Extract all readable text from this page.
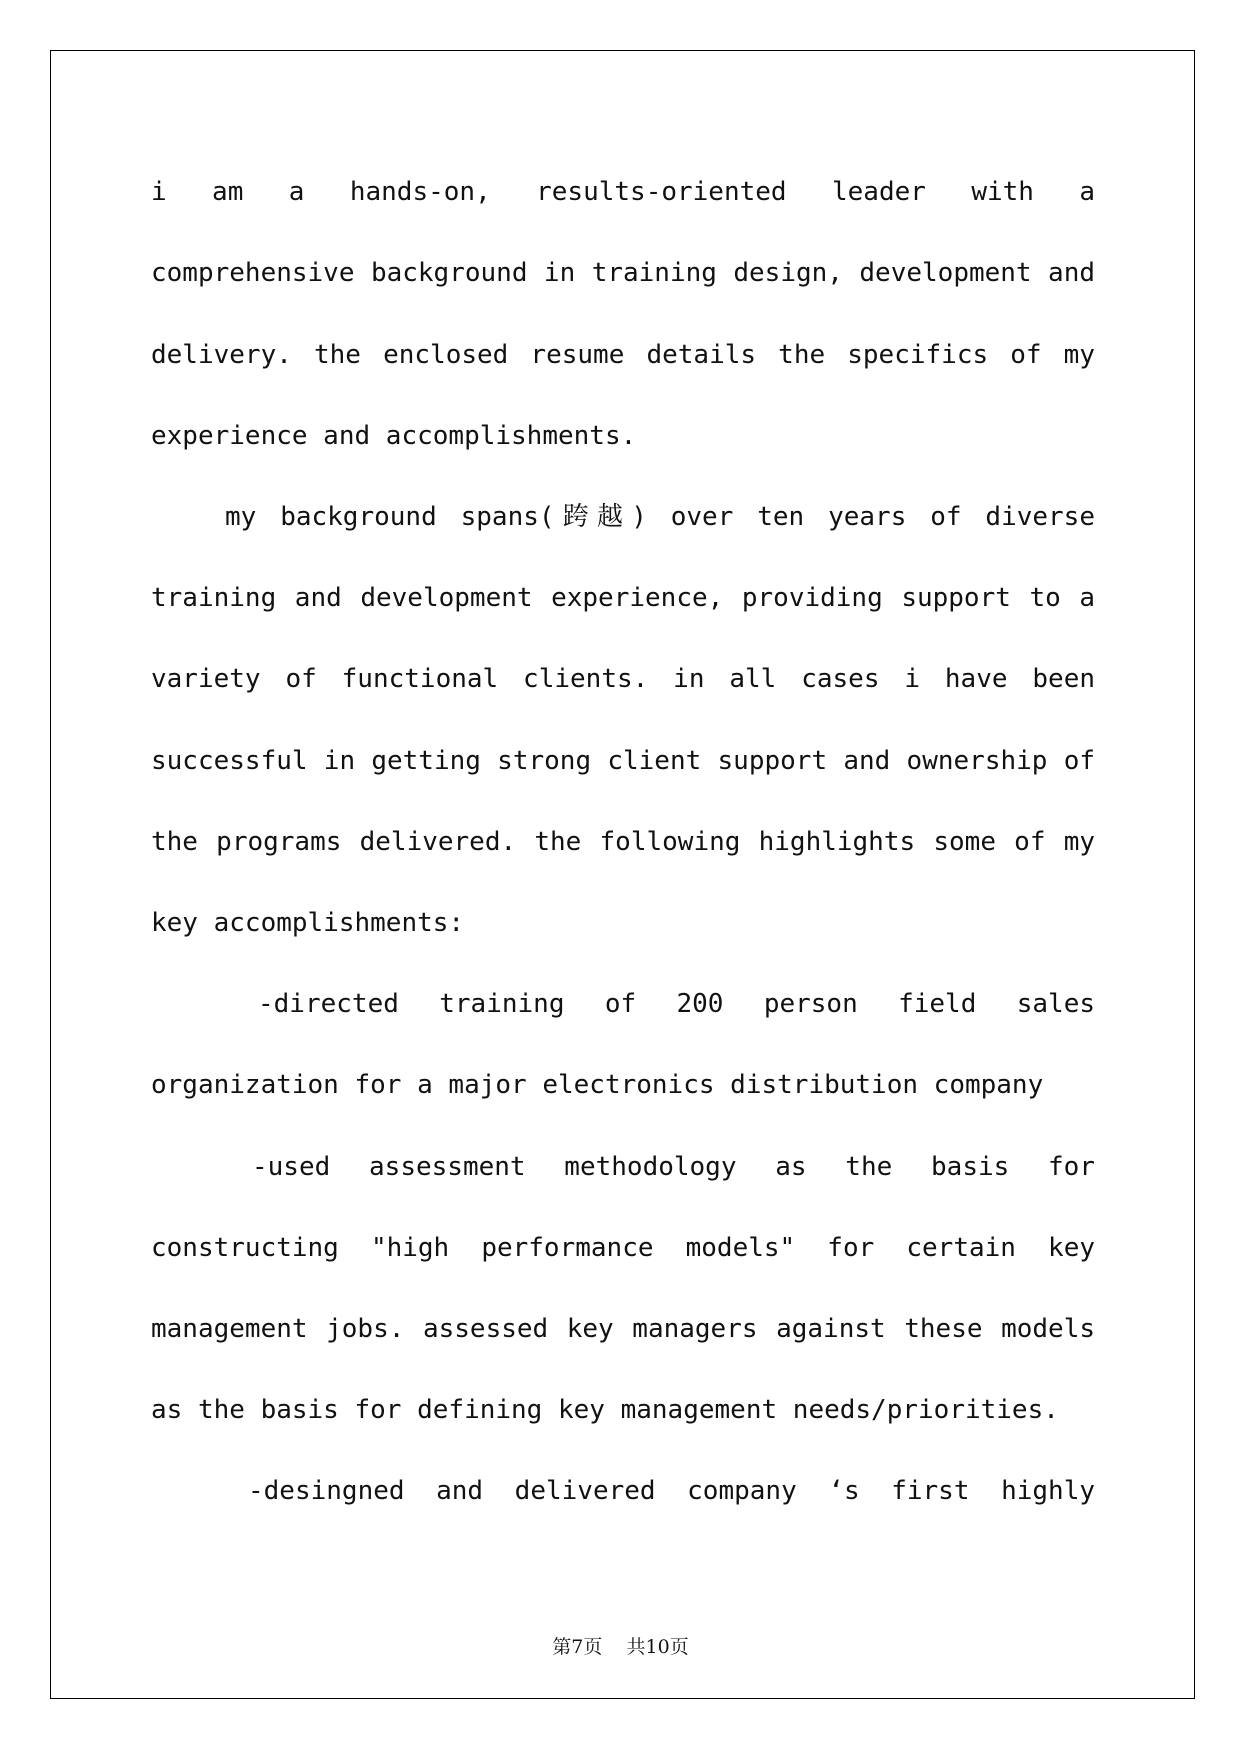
i am a hands-on, results-oriented leader with a
comprehensive background in training design, development and
delivery. the enclosed resume details the specifics of my
experience and accomplishments.
my background spans(跨越) over ten years of diverse
training and development experience, providing support to a
variety of functional clients. in all cases i have been
successful in getting strong client support and ownership of
the programs delivered. the following highlights some of my
key accomplishments:
-directed training of 200 person field sales
organization for a major electronics distribution company
-used assessment methodology as the basis for
constructing "high performance models" for certain key
management jobs. assessed key managers against these models
as the basis for defining key management needs/priorities.
-desingned and delivered company ‘s first highly
第7页    共10页
